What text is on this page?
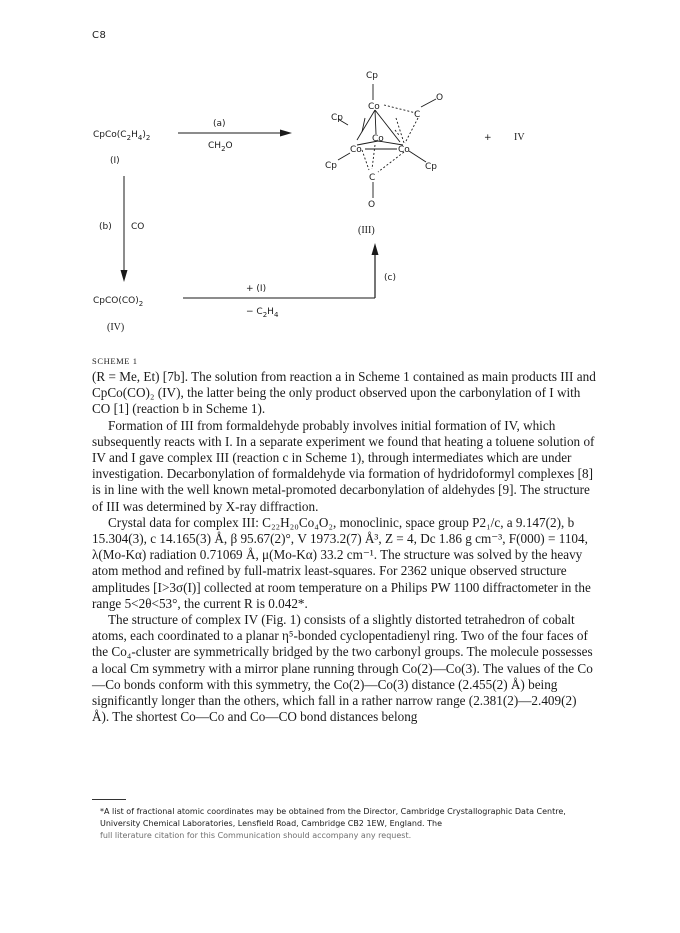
C8
$CpCo(C_2H_4)_2$
(I)
(a)
$CH_2O$
Cp
Co
Cp	C
O
Co
Co	Co
Cp	Cp
C
O
(III)
+ IV
(b) CO
$CpCO(CO)_2$
(IV)
(c)
+ (I)
− $C_2H_4$
SCHEME 1

(R = Me, Et) [7b]. The solution from reaction a in Scheme 1 contained as main products III and CpCo(CO)₂ (IV), the latter being the only product observed upon the carbonylation of I with CO [1] (reaction b in Scheme 1).

Formation of III from formaldehyde probably involves initial formation of IV, which subsequently reacts with I. In a separate experiment we found that heating a toluene solution of IV and I gave complex III (reaction c in Scheme 1), through intermediates which are under investigation. Decarbonylation of formaldehyde via formation of hydridoformyl complexes [8] is in line with the well known metal-promoted decarbonylation of aldehydes [9]. The structure of III was determined by X-ray diffraction.

Crystal data for complex III: C₂₂H₂₀Co₄O₂, monoclinic, space group P2₁/c, a 9.147(2), b 15.304(3), c 14.165(3) Å, β 95.67(2)°, V 1973.2(7) Å³, Z = 4, Dc 1.86 g cm⁻³, F(000) = 1104, λ(Mo-Kα) radiation 0.71069 Å, μ(Mo-Kα) 33.2 cm⁻¹. The structure was solved by the heavy atom method and refined by full-matrix least-squares. For 2362 unique observed structure amplitudes [I>3σ(I)] collected at room temperature on a Philips PW 1100 diffractometer in the range 5<2θ<53°, the current R is 0.042*.

The structure of complex IV (Fig. 1) consists of a slightly distorted tetrahedron of cobalt atoms, each coordinated to a planar η⁵-bonded cyclopentadienyl ring. Two of the four faces of the Co₄-cluster are symmetrically bridged by the two carbonyl groups. The molecule possesses a local Cm symmetry with a mirror plane running through Co(2)—Co(3). The values of the Co—Co bonds conform with this symmetry, the Co(2)—Co(3) distance (2.455(2) Å) being significantly longer than the others, which fall in a rather narrow range (2.381(2)—2.409(2) Å). The shortest Co—Co and Co—CO bond distances belong

*A list of fractional atomic coordinates may be obtained from the Director, Cambridge Crystallographic Data Centre, University Chemical Laboratories, Lensfield Road, Cambridge CB2 1EW, England. The
full literature citation for this Communication should accompany any request.
